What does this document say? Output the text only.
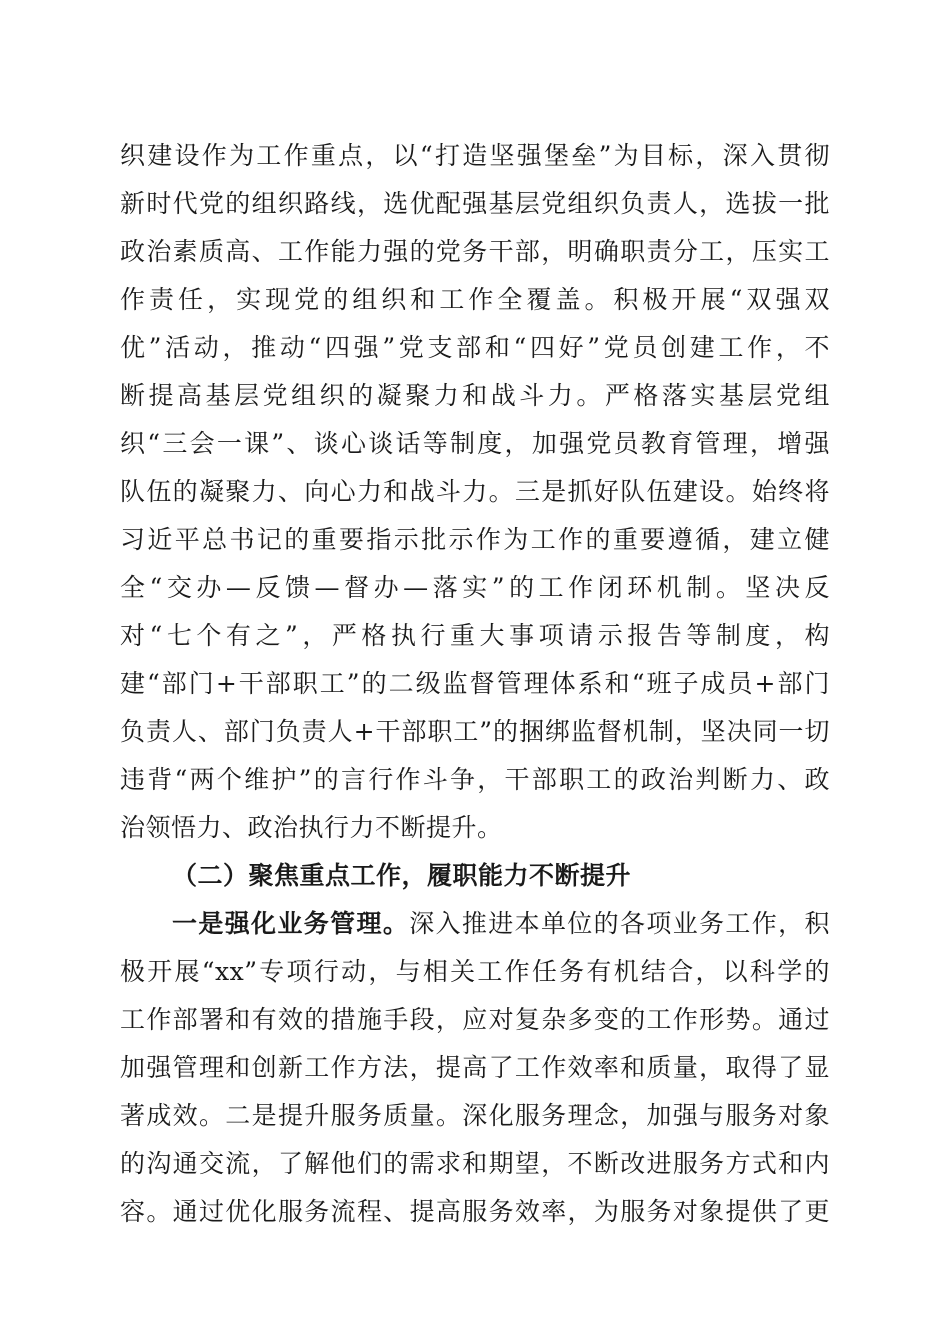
织建设作为工作重点，以“打造坚强堡垒”为目标，深入贯彻
新时代党的组织路线，选优配强基层党组织负责人，选拔一批
政治素质高、工作能力强的党务干部，明确职责分工，压实工
作责任，实现党的组织和工作全覆盖。积极开展“双强双
优”活动，推动“四强”党支部和“四好”党员创建工作，不
断提高基层党组织的凝聚力和战斗力。严格落实基层党组
织“三会一课”、谈心谈话等制度，加强党员教育管理，增强
队伍的凝聚力、向心力和战斗力。三是抓好队伍建设。始终将
习近平总书记的重要指示批示作为工作的重要遵循，建立健
全“交办—反馈—督办—落实”的工作闭环机制。坚决反
对“七个有之”，严格执行重大事项请示报告等制度，构
建“部门+干部职工”的二级监督管理体系和“班子成员+部门
负责人、部门负责人+干部职工”的捆绑监督机制，坚决同一切
违背“两个维护”的言行作斗争，干部职工的政治判断力、政
治领悟力、政治执行力不断提升。
（二）聚焦重点工作，履职能力不断提升
一是强化业务管理。深入推进本单位的各项业务工作，积
极开展“xx”专项行动，与相关工作任务有机结合，以科学的
工作部署和有效的措施手段，应对复杂多变的工作形势。通过
加强管理和创新工作方法，提高了工作效率和质量，取得了显
著成效。二是提升服务质量。深化服务理念，加强与服务对象
的沟通交流，了解他们的需求和期望，不断改进服务方式和内
容。通过优化服务流程、提高服务效率，为服务对象提供了更
